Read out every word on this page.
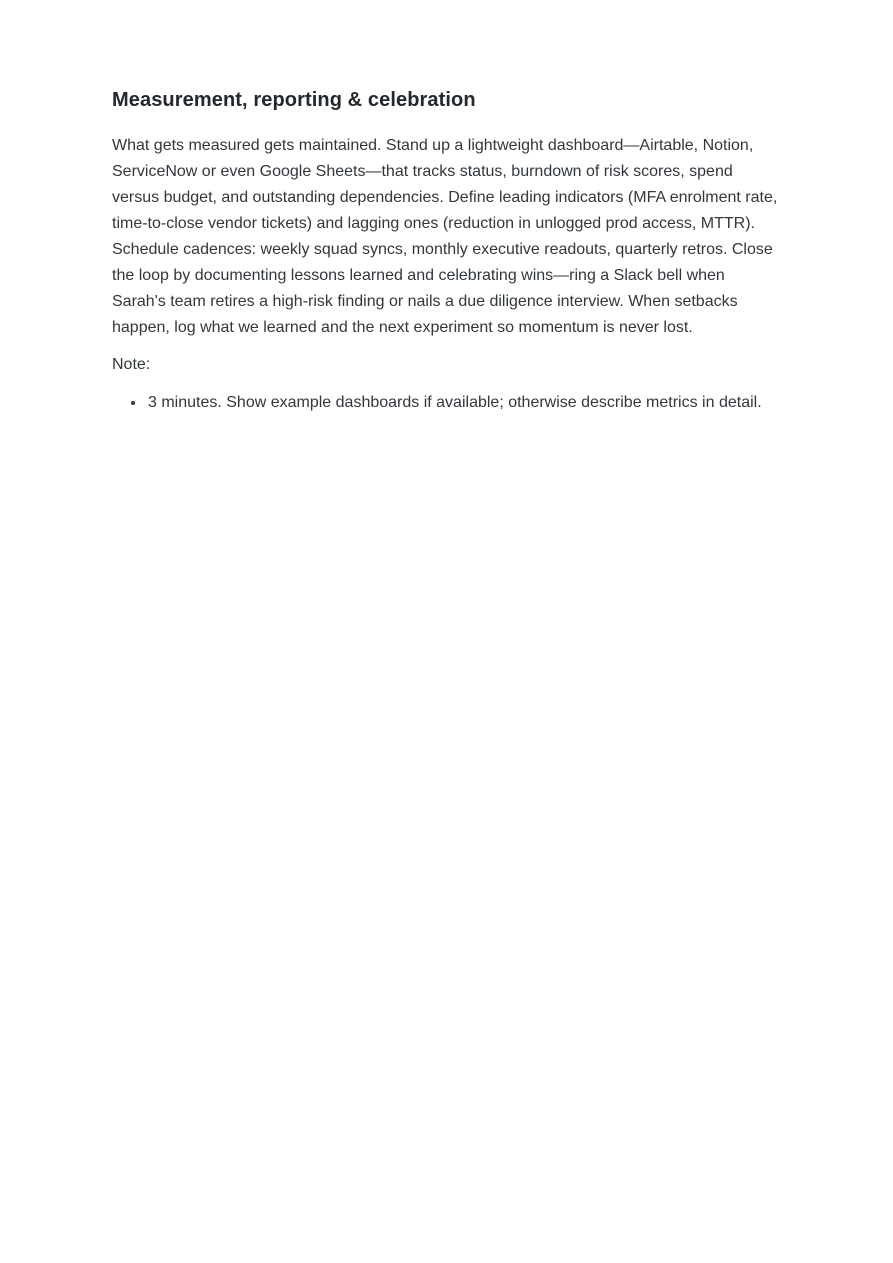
Measurement, reporting & celebration

What gets measured gets maintained. Stand up a lightweight dashboard—Airtable, Notion, ServiceNow or even Google Sheets—that tracks status, burndown of risk scores, spend versus budget, and outstanding dependencies. Define leading indicators (MFA enrolment rate, time-to-close vendor tickets) and lagging ones (reduction in unlogged prod access, MTTR). Schedule cadences: weekly squad syncs, monthly executive readouts, quarterly retros. Close the loop by documenting lessons learned and celebrating wins—ring a Slack bell when Sarah's team retires a high-risk finding or nails a due diligence interview. When setbacks happen, log what we learned and the next experiment so momentum is never lost.

Note:

• 3 minutes. Show example dashboards if available; otherwise describe metrics in detail.
